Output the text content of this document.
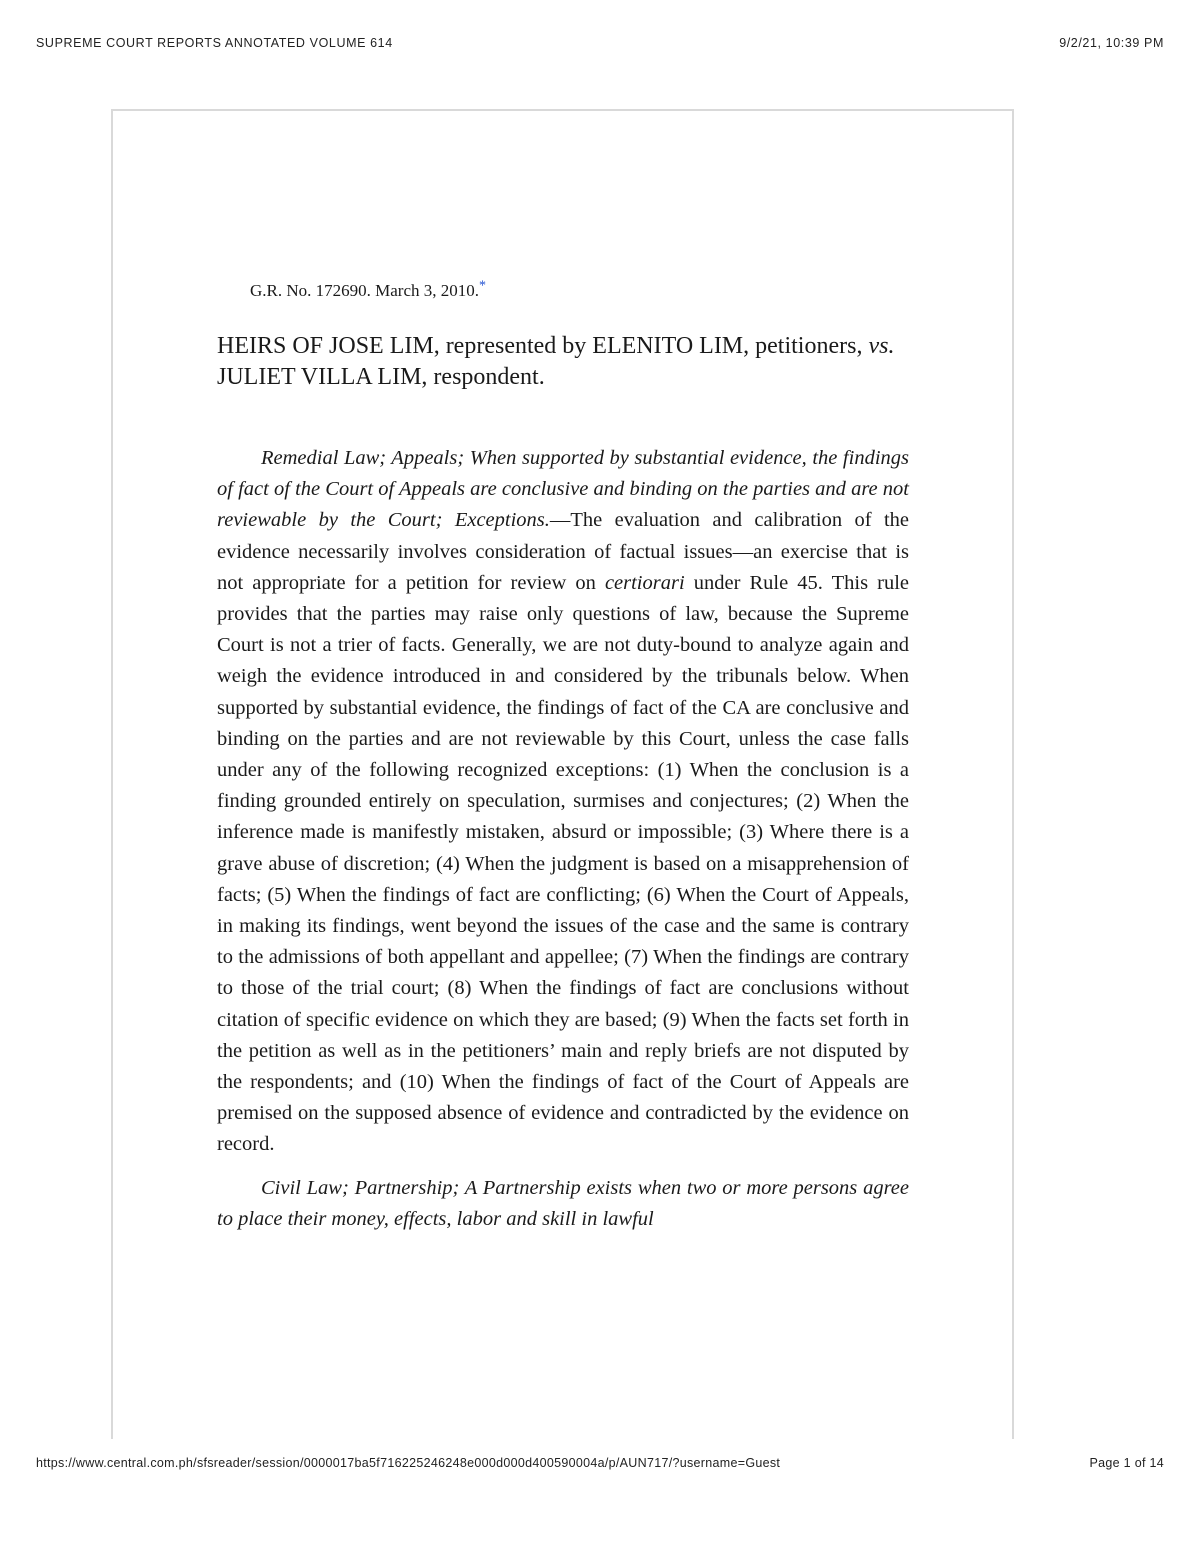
SUPREME COURT REPORTS ANNOTATED VOLUME 614	9/2/21, 10:39 PM
G.R. No. 172690. March 3, 2010.*
HEIRS OF JOSE LIM, represented by ELENITO LIM, petitioners, vs. JULIET VILLA LIM, respondent.

Remedial Law; Appeals; When supported by substantial evidence, the findings of fact of the Court of Appeals are conclusive and binding on the parties and are not reviewable by the Court; Exceptions.—The evaluation and calibration of the evidence necessarily involves consideration of factual issues—an exercise that is not appropriate for a petition for review on certiorari under Rule 45. This rule provides that the parties may raise only questions of law, because the Supreme Court is not a trier of facts. Generally, we are not duty-bound to analyze again and weigh the evidence introduced in and considered by the tribunals below. When supported by substantial evidence, the findings of fact of the CA are conclusive and binding on the parties and are not reviewable by this Court, unless the case falls under any of the following recognized exceptions: (1) When the conclusion is a finding grounded entirely on speculation, surmises and conjectures; (2) When the inference made is manifestly mistaken, absurd or impossible; (3) Where there is a grave abuse of discretion; (4) When the judgment is based on a misapprehension of facts; (5) When the findings of fact are conflicting; (6) When the Court of Appeals, in making its findings, went beyond the issues of the case and the same is contrary to the admissions of both appellant and appellee; (7) When the findings are contrary to those of the trial court; (8) When the findings of fact are conclusions without citation of specific evidence on which they are based; (9) When the facts set forth in the petition as well as in the petitioners’ main and reply briefs are not disputed by the respondents; and (10) When the findings of fact of the Court of Appeals are premised on the supposed absence of evidence and contradicted by the evidence on record.

Civil Law; Partnership; A Partnership exists when two or more persons agree to place their money, effects, labor and skill in lawful

https://www.central.com.ph/sfsreader/session/0000017ba5f716225246248e000d000d400590004a/p/AUN717/?username=Guest	Page 1 of 14
